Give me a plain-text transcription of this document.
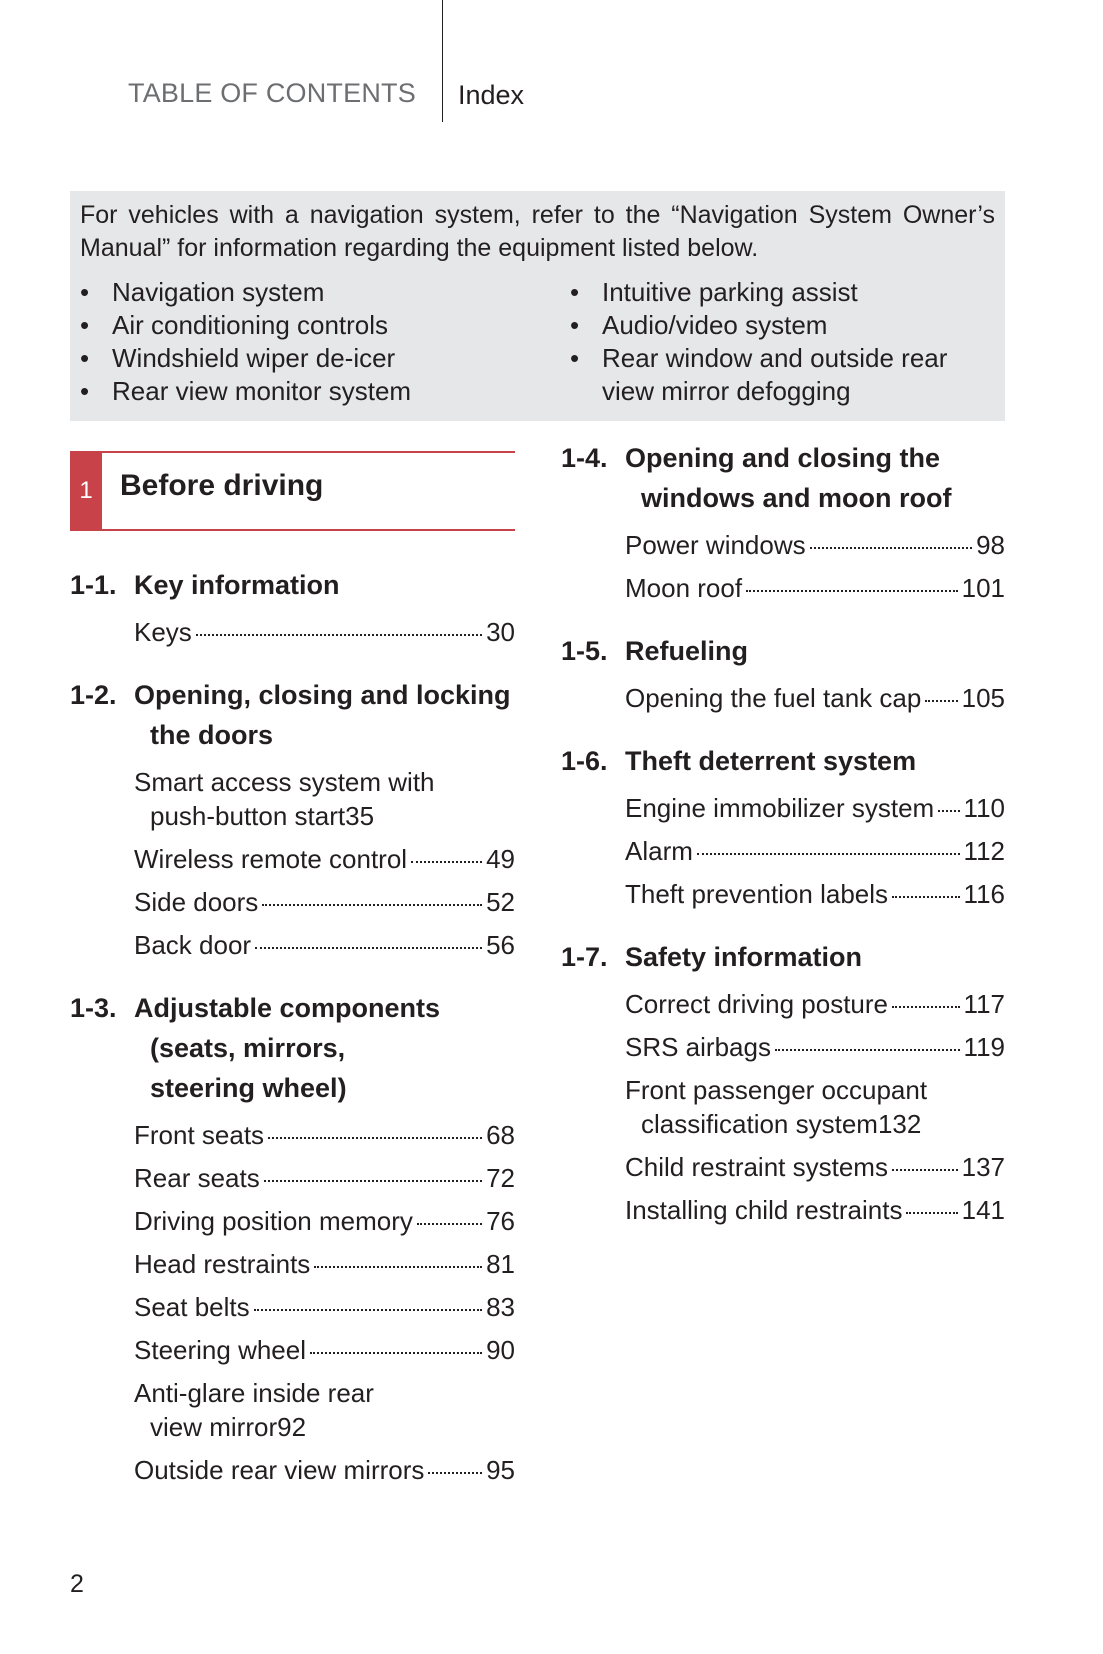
TABLE OF CONTENTS Index
For vehicles with a navigation system, refer to the “Navigation System Owner’s Manual” for information regarding the equipment listed below.
• Navigation system
• Air conditioning controls
• Windshield wiper de-icer
• Rear view monitor system
• Intuitive parking assist
• Audio/video system
• Rear window and outside rear view mirror defogging
1 Before driving
1-1. Key information
Keys	30
1-2. Opening, closing and locking
the doors
Smart access system with
push-button start 35
Wireless remote control	49
Side doors	52
Back door	56
1-3. Adjustable components
(seats, mirrors,
steering wheel)
Front seats	68
Rear seats	72
Driving position memory	76
Head restraints	81
Seat belts	83
Steering wheel	90
Anti-glare inside rear
view mirror 92
Outside rear view mirrors 95
1-4. Opening and closing the
windows and moon roof
Power windows	98
Moon roof	101
1-5. Refueling
Opening the fuel tank cap 105
1-6. Theft deterrent system
Engine immobilizer system 110
Alarm	112
Theft prevention labels	116
1-7. Safety information
Correct driving posture	117
SRS airbags	119
Front passenger occupant
classification system 132
Child restraint systems	137
Installing child restraints 141
2
